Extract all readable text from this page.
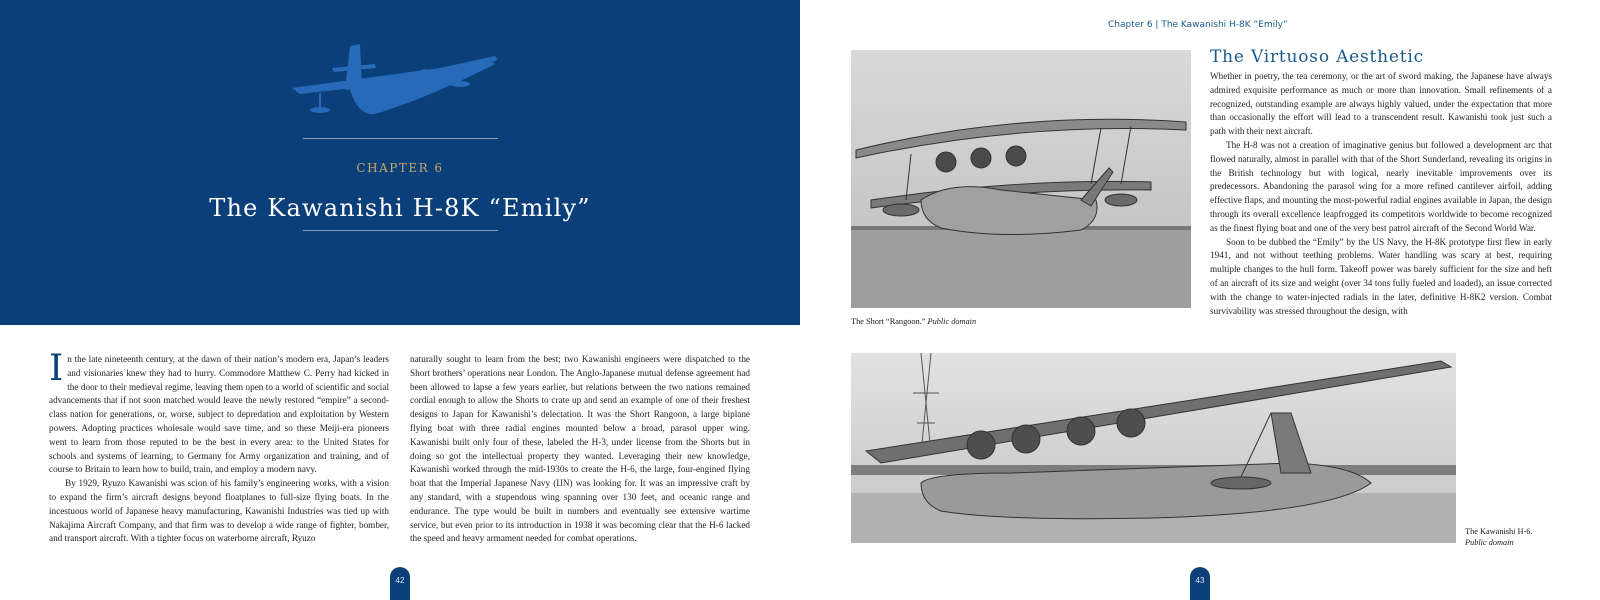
CHAPTER 6
The Kawanishi H-8K “Emily”

In the late nineteenth century, at the dawn of their nation’s modern era, Japan’s leaders and visionaries knew they had to hurry. Commodore Matthew C. Perry had kicked in the door to their medieval regime, leaving them open to a world of scientific and social advancements that if not soon matched would leave the newly restored “empire” a second-class nation for generations, or, worse, subject to depredation and exploitation by Western powers. Adopting practices wholesale would save time, and so these Meiji-era pioneers went to learn from those reputed to be the best in every area: to the United States for schools and systems of learning, to Germany for Army organization and training, and of course to Britain to learn how to build, train, and employ a modern navy.

By 1929, Ryuzo Kawanishi was scion of his family’s engineering works, with a vision to expand the firm’s aircraft designs beyond floatplanes to full-size flying boats. In the incestuous world of Japanese heavy manufacturing, Kawanishi Industries was tied up with Nakajima Aircraft Company, and that firm was to develop a wide range of fighter, bomber, and transport aircraft. With a tighter focus on waterborne aircraft, Ryuzo

naturally sought to learn from the best; two Kawanishi engineers were dispatched to the Short brothers’ operations near London. The Anglo-Japanese mutual defense agreement had been allowed to lapse a few years earlier, but relations between the two nations remained cordial enough to allow the Shorts to crate up and send an example of one of their freshest designs to Japan for Kawanishi’s delectation. It was the Short Rangoon, a large biplane flying boat with three radial engines mounted below a broad, parasol upper wing. Kawanishi built only four of these, labeled the H-3, under license from the Shorts but in doing so got the intellectual property they wanted. Leveraging their new knowledge, Kawanishi worked through the mid-1930s to create the H-6, the large, four-engined flying boat that the Imperial Japanese Navy (IJN) was looking for. It was an impressive craft by any standard, with a stupendous wing spanning over 130 feet, and oceanic range and endurance. The type would be built in numbers and eventually see extensive wartime service, but even prior to its introduction in 1938 it was becoming clear that the H-6 lacked the speed and heavy armament needed for combat operations.

42
Chapter 6 | The Kawanishi H-8K “Emily”
The Short “Rangoon.” Public domain
The Virtuoso Aesthetic

Whether in poetry, the tea ceremony, or the art of sword making, the Japanese have always admired exquisite performance as much or more than innovation. Small refinements of a recognized, outstanding example are always highly valued, under the expectation that more than occasionally the effort will lead to a transcendent result. Kawanishi took just such a path with their next aircraft.

The H-8 was not a creation of imaginative genius but followed a development arc that flowed naturally, almost in parallel with that of the Short Sunderland, revealing its origins in the British technology but with logical, nearly inevitable improvements over its predecessors. Abandoning the parasol wing for a more refined cantilever airfoil, adding effective flaps, and mounting the most-powerful radial engines available in Japan, the design through its overall excellence leapfrogged its competitors worldwide to become recognized as the finest flying boat and one of the very best patrol aircraft of the Second World War.

Soon to be dubbed the “Emily” by the US Navy, the H-8K prototype first flew in early 1941, and not without teething problems. Water handling was scary at best, requiring multiple changes to the hull form. Takeoff power was barely sufficient for the size and heft of an aircraft of its size and weight (over 34 tons fully fueled and loaded), an issue corrected with the change to water-injected radials in the later, definitive H-8K2 version. Combat survivability was stressed throughout the design, with

The Kawanishi H-6.
Public domain
43
